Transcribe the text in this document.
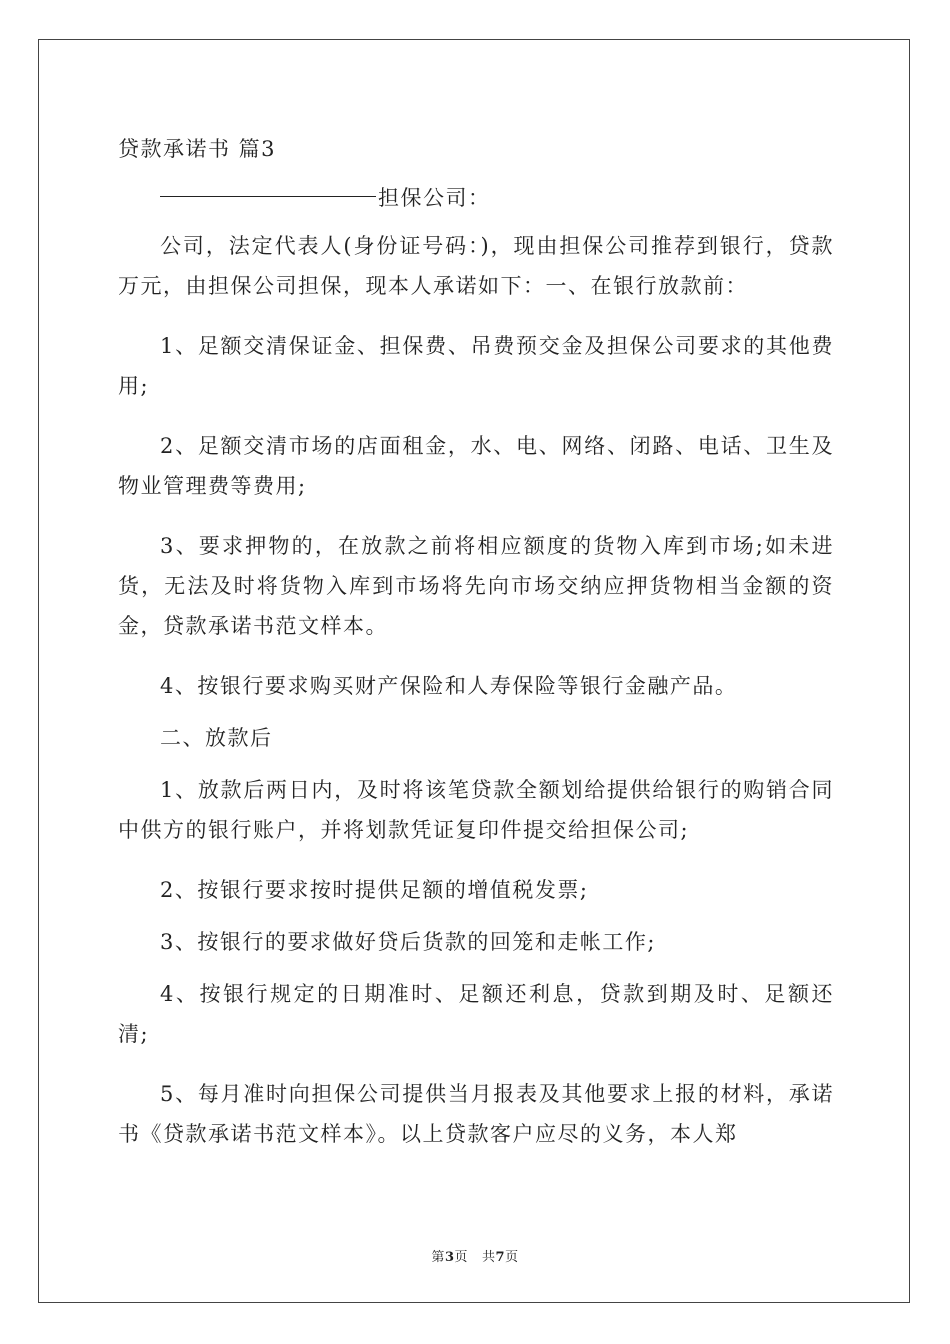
贷款承诺书 篇3
担保公司：

公司，法定代表人(身份证号码：)，现由担保公司推荐到银行，贷款万元，由担保公司担保，现本人承诺如下：一、在银行放款前：

1、足额交清保证金、担保费、吊费预交金及担保公司要求的其他费用;

2、足额交清市场的店面租金，水、电、网络、闭路、电话、卫生及物业管理费等费用;

3、要求押物的，在放款之前将相应额度的货物入库到市场;如未进货，无法及时将货物入库到市场将先向市场交纳应押货物相当金额的资金，贷款承诺书范文样本。

4、按银行要求购买财产保险和人寿保险等银行金融产品。

二、放款后

1、放款后两日内，及时将该笔贷款全额划给提供给银行的购销合同中供方的银行账户，并将划款凭证复印件提交给担保公司;

2、按银行要求按时提供足额的增值税发票;

3、按银行的要求做好贷后货款的回笼和走帐工作;

4、按银行规定的日期准时、足额还利息，贷款到期及时、足额还清;

5、每月准时向担保公司提供当月报表及其他要求上报的材料，承诺书《贷款承诺书范文样本》。以上贷款客户应尽的义务，本人郑

第3页 共7页
